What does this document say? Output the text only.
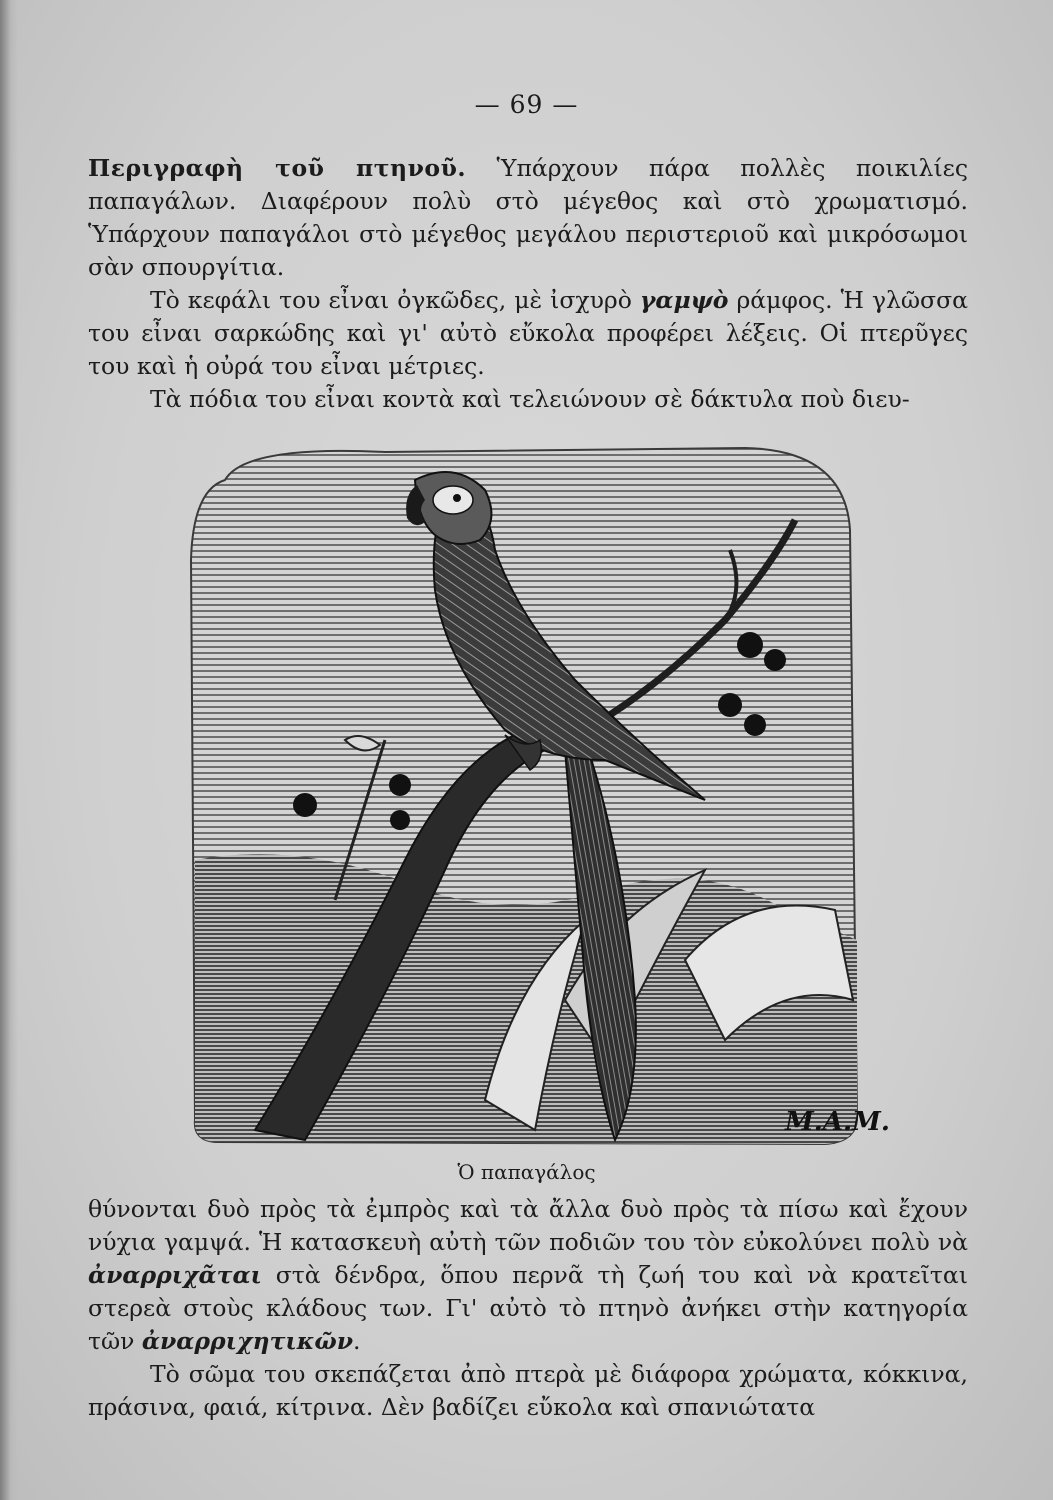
— 69 —

Περιγραφὴ τοῦ πτηνοῦ. Ὑπάρχουν πάρα πολλὲς ποικιλίες παπαγάλων. Διαφέρουν πολὺ στὸ μέγεθος καὶ στὸ χρωματισμό. Ὑπάρχουν παπαγάλοι στὸ μέγεθος μεγάλου περιστεριοῦ καὶ μικρόσωμοι σὰν σπουργίτια.

Τὸ κεφάλι του εἶναι ὀγκῶδες, μὲ ἰσχυρὸ γαμψὸ ράμφος. Ἡ γλῶσσα του εἶναι σαρκώδης καὶ γι' αὐτὸ εὔκολα προφέρει λέξεις. Οἱ πτερῦγες του καὶ ἡ οὐρά του εἶναι μέτριες.

Τὰ πόδια του εἶναι κοντὰ καὶ τελειώνουν σὲ δάκτυλα ποὺ διευ-

M.A.M.
Ὁ παπαγάλος

θύνονται δυὸ πρὸς τὰ ἐμπρὸς καὶ τὰ ἄλλα δυὸ πρὸς τὰ πίσω καὶ ἔχουν νύχια γαμψά. Ἡ κατασκευὴ αὐτὴ τῶν ποδιῶν του τὸν εὐκολύνει πολὺ νὰ ἀναρριχᾶται στὰ δένδρα, ὅπου περνᾶ τὴ ζωή του καὶ νὰ κρατεῖται στερεὰ στοὺς κλάδους των. Γι' αὐτὸ τὸ πτηνὸ ἀνήκει στὴν κατηγορία τῶν ἀναρριχητικῶν.

Τὸ σῶμα του σκεπάζεται ἀπὸ πτερὰ μὲ διάφορα χρώματα, κόκκινα, πράσινα, φαιά, κίτρινα. Δὲν βαδίζει εὔκολα καὶ σπανιώτατα
